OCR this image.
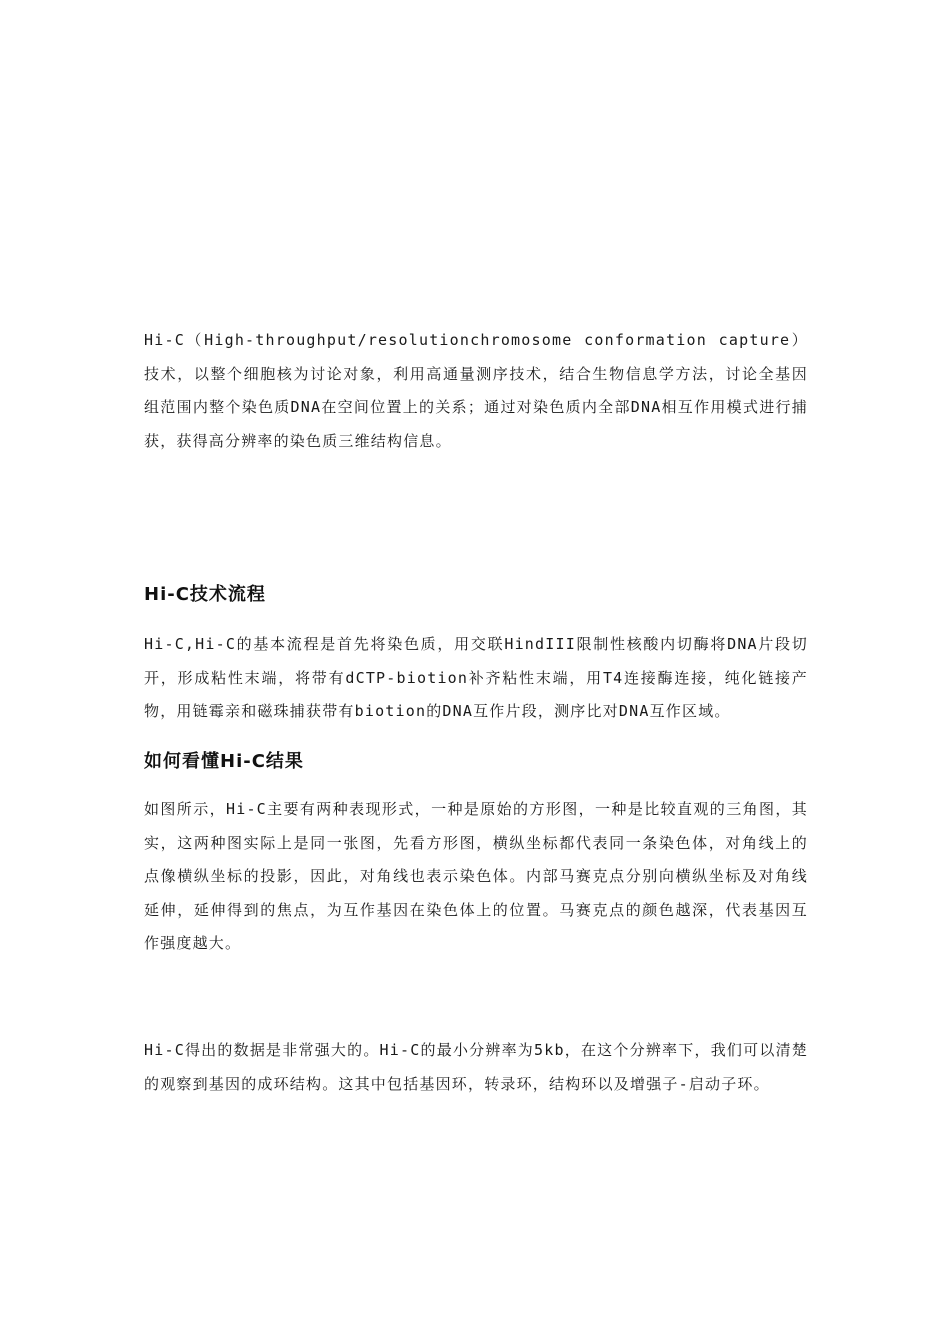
Hi-C（High-throughput/resolutionchromosome conformation capture）技术，以整个细胞核为讨论对象，利用高通量测序技术，结合生物信息学方法，讨论全基因组范围内整个染色质DNA在空间位置上的关系；通过对染色质内全部DNA相互作用模式进行捕获，获得高分辨率的染色质三维结构信息。

Hi-C技术流程

Hi-C,Hi-C的基本流程是首先将染色质，用交联HindIII限制性核酸内切酶将DNA片段切开，形成粘性末端，将带有dCTP-biotion补齐粘性末端，用T4连接酶连接，纯化链接产物，用链霉亲和磁珠捕获带有biotion的DNA互作片段，测序比对DNA互作区域。

如何看懂Hi-C结果

如图所示，Hi-C主要有两种表现形式，一种是原始的方形图，一种是比较直观的三角图，其实，这两种图实际上是同一张图，先看方形图，横纵坐标都代表同一条染色体，对角线上的点像横纵坐标的投影，因此，对角线也表示染色体。内部马赛克点分别向横纵坐标及对角线延伸，延伸得到的焦点，为互作基因在染色体上的位置。马赛克点的颜色越深，代表基因互作强度越大。

Hi-C得出的数据是非常强大的。Hi-C的最小分辨率为5kb，在这个分辨率下，我们可以清楚的观察到基因的成环结构。这其中包括基因环，转录环，结构环以及增强子-启动子环。
